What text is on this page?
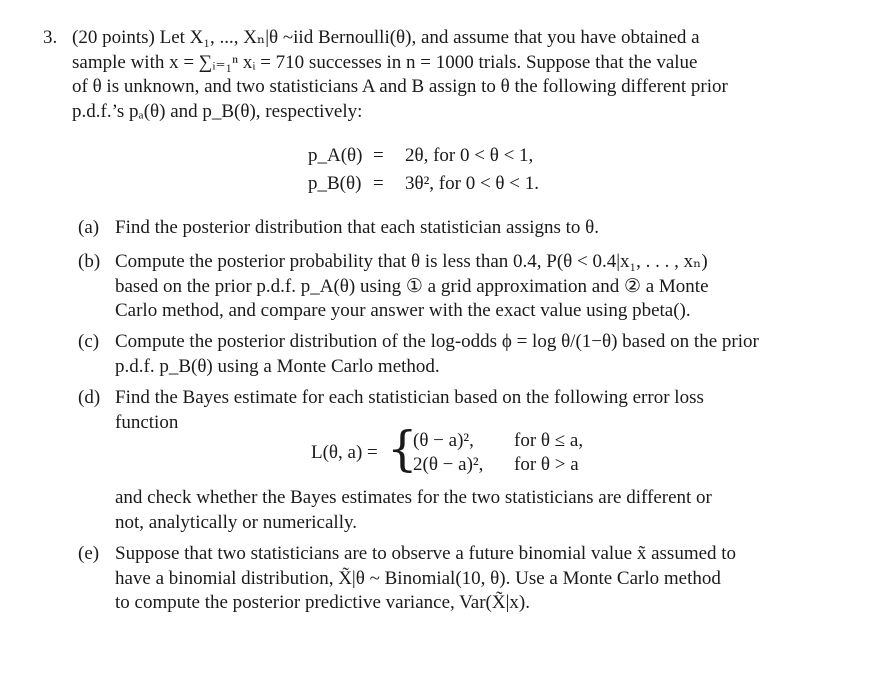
3. (20 points) Let X₁, ..., Xₙ|θ ~iid Bernoulli(θ), and assume that you have obtained a
sample with x = ∑ᵢ₌₁ⁿ xᵢ = 710 successes in n = 1000 trials. Suppose that the value
of θ is unknown, and two statisticians A and B assign to θ the following different prior
p.d.f.’s pₐ(θ) and p_B(θ), respectively:
p_A(θ) = 2θ, for 0 < θ < 1,
p_B(θ) = 3θ², for 0 < θ < 1.
(a) Find the posterior distribution that each statistician assigns to θ.
(b) Compute the posterior probability that θ is less than 0.4, P(θ < 0.4|x₁, . . . , xₙ)
based on the prior p.d.f. p_A(θ) using ① a grid approximation and ② a Monte
Carlo method, and compare your answer with the exact value using pbeta().
(c) Compute the posterior distribution of the log-odds ϕ = log θ/(1−θ) based on the prior
p.d.f. p_B(θ) using a Monte Carlo method.
(d) Find the Bayes estimate for each statistician based on the following error loss
function
L(θ, a) = {
(θ − a)², for θ ≤ a,
2(θ − a)², for θ > a
and check whether the Bayes estimates for the two statisticians are different or
not, analytically or numerically.
(e) Suppose that two statisticians are to observe a future binomial value x̃ assumed to
have a binomial distribution, X̃|θ ~ Binomial(10, θ). Use a Monte Carlo method
to compute the posterior predictive variance, Var(X̃|x).
